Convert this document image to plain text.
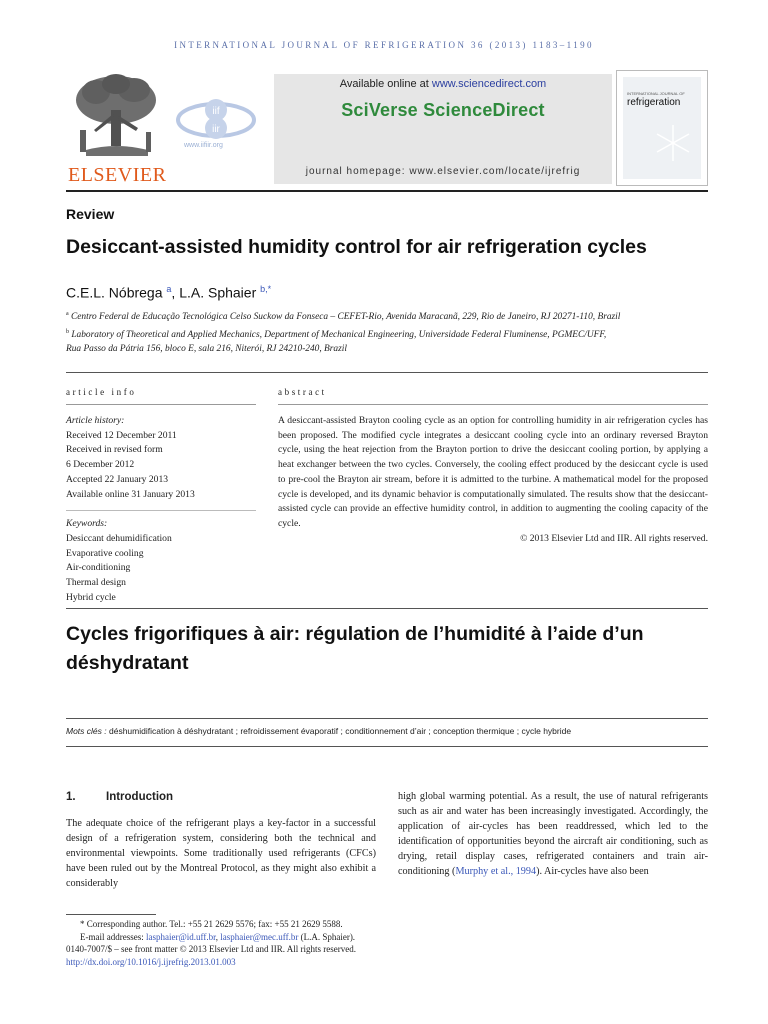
INTERNATIONAL JOURNAL OF REFRIGERATION 36 (2013) 1183–1190
ELSEVIER
iif
iir
www.iifiir.org
Available online at www.sciencedirect.com
SciVerse ScienceDirect
journal homepage: www.elsevier.com/locate/ijrefrig
INTERNATIONAL JOURNAL OF
refrigeration
Review
Desiccant-assisted humidity control for air refrigeration cycles
C.E.L. Nóbrega $^a$, L.A. Sphaier $^{b,*}$
$^a$ Centro Federal de Educação Tecnológica Celso Suckow da Fonseca – CEFET-Rio, Avenida Maracanã, 229, Rio de Janeiro, RJ 20271-110, Brazil
$^b$ Laboratory of Theoretical and Applied Mechanics, Department of Mechanical Engineering, Universidade Federal Fluminense, PGMEC/UFF,
Rua Passo da Pátria 156, bloco E, sala 216, Niterói, RJ 24210-240, Brazil
article info	abstract
Article history:
Received 12 December 2011
Received in revised form
6 December 2012
Accepted 22 January 2013
Available online 31 January 2013
Keywords:
Desiccant dehumidification
Evaporative cooling
Air-conditioning
Thermal design
Hybrid cycle
A desiccant-assisted Brayton cooling cycle as an option for controlling humidity in air refrigeration cycles has been proposed. The modified cycle integrates a desiccant cooling cycle into an ordinary reversed Brayton cycle, using the heat rejection from the Brayton portion to drive the desiccant cooling portion, by applying a heat exchanger between the two cycles. Conversely, the cooling effect produced by the desiccant cycle is used to pre-cool the Brayton air stream, before it is admitted to the turbine. A mathematical model for the proposed cycle is developed, and its dynamic behavior is computationally simulated. The results show that the desiccant-assisted cycle can provide an effective humidity control, in addition to augmenting the cooling capacity of the cycle.
© 2013 Elsevier Ltd and IIR. All rights reserved.
Cycles frigorifiques à air: régulation de l’humidité à l’aide d’un
déshydratant
Mots clés : déshumidification à déshydratant ; refroidissement évaporatif ; conditionnement d’air ; conception thermique ; cycle hybride
1.	Introduction
The adequate choice of the refrigerant plays a key-factor in a successful design of a refrigeration system, considering both the technical and environmental viewpoints. Some traditionally used refrigerants (CFCs) have been ruled out by the Montreal Protocol, as they might also exhibit a considerably
high global warming potential. As a result, the use of natural refrigerants such as air and water has been increasingly investigated. Accordingly, the application of air-cycles has been readdressed, which led to the identification of opportunities beyond the aircraft air conditioning, such as drying, retail display cases, refrigerated containers and train air-conditioning (Murphy et al., 1994). Air-cycles have also been
* Corresponding author. Tel.: +55 21 2629 5576; fax: +55 21 2629 5588.
E-mail addresses: lasphaier@id.uff.br, lasphaier@mec.uff.br (L.A. Sphaier).
0140-7007/$ – see front matter © 2013 Elsevier Ltd and IIR. All rights reserved.
http://dx.doi.org/10.1016/j.ijrefrig.2013.01.003
